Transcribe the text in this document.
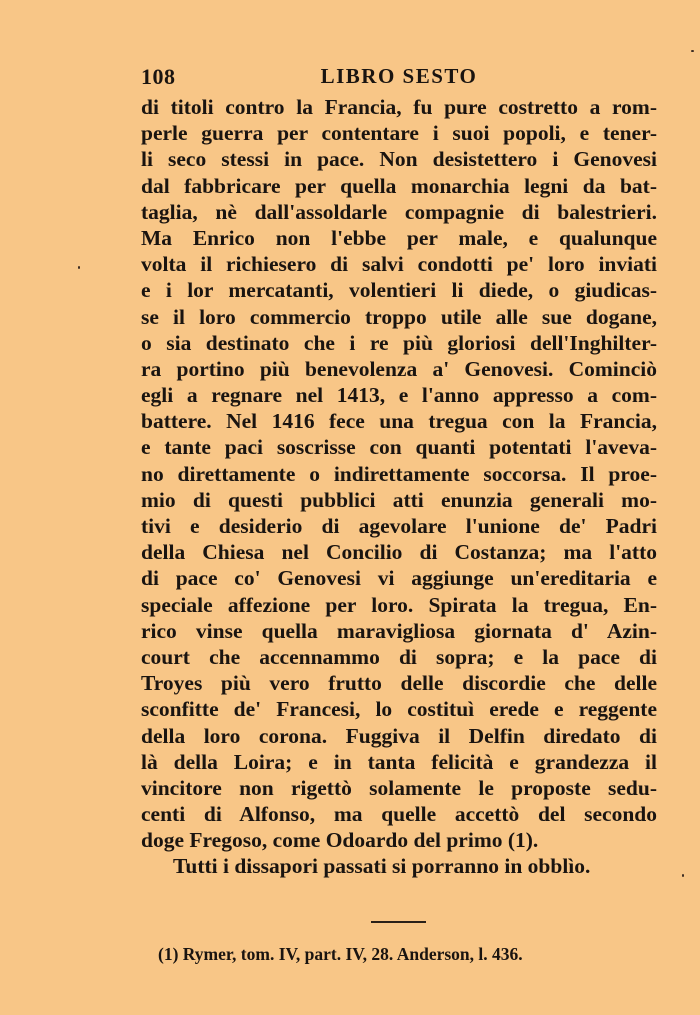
108	LIBRO SESTO
di titoli contro la Francia, fu pure costretto a rom-
perle guerra per contentare i suoi popoli, e tener-
li seco stessi in pace. Non desistettero i Genovesi
dal fabbricare per quella monarchia legni da bat-
taglia, nè dall'assoldarle compagnie di balestrieri.
Ma Enrico non l'ebbe per male, e qualunque
volta il richiesero di salvi condotti pe' loro inviati
e i lor mercatanti, volentieri li diede, o giudicas-
se il loro commercio troppo utile alle sue dogane,
o sia destinato che i re più gloriosi dell'Inghilter-
ra portino più benevolenza a' Genovesi. Cominciò
egli a regnare nel 1413, e l'anno appresso a com-
battere. Nel 1416 fece una tregua con la Francia,
e tante paci soscrisse con quanti potentati l'aveva-
no direttamente o indirettamente soccorsa. Il proe-
mio di questi pubblici atti enunzia generali mo-
tivi e desiderio di agevolare l'unione de' Padri
della Chiesa nel Concilio di Costanza; ma l'atto
di pace co' Genovesi vi aggiunge un'ereditaria e
speciale affezione per loro. Spirata la tregua, En-
rico vinse quella maravigliosa giornata d' Azin-
court che accennammo di sopra; e la pace di
Troyes più vero frutto delle discordie che delle
sconfitte de' Francesi, lo costituì erede e reggente
della loro corona. Fuggiva il Delfin diredato di
là della Loira; e in tanta felicità e grandezza il
vincitore non rigettò solamente le proposte sedu-
centi di Alfonso, ma quelle accettò del secondo
doge Fregoso, come Odoardo del primo (1).
Tutti i dissapori passati si porranno in obblìo.
(1) Rymer, tom. IV, part. IV, 28. Anderson, l. 436.
